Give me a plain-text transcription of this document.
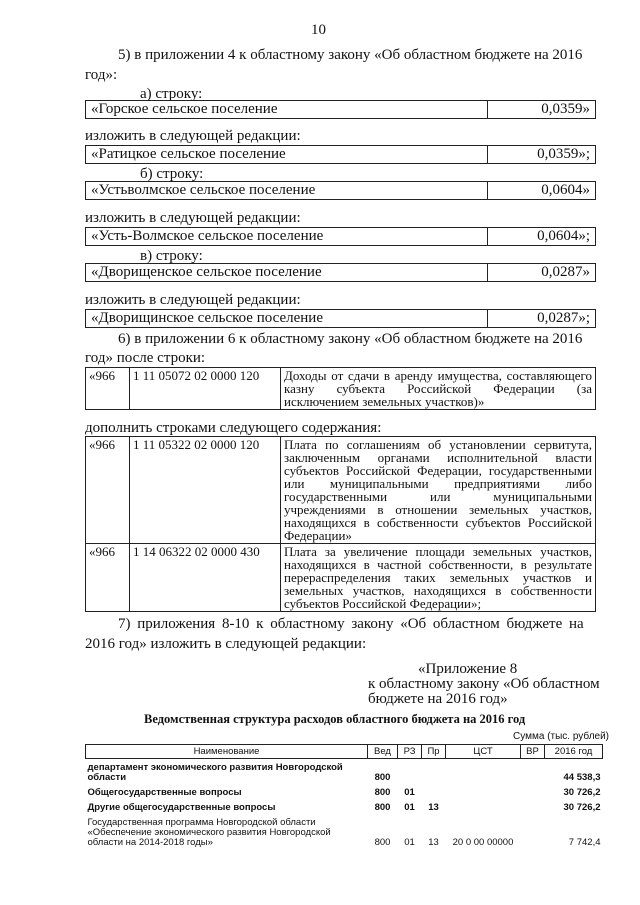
10
5) в приложении 4 к областному закону «Об областном бюджете на 2016
год»:
а) строку:
«Горское сельское поселение	0,0359»
изложить в следующей редакции:
«Ратицкое сельское поселение	0,0359»;
б) строку:
«Устьволмское сельское поселение	0,0604»
изложить в следующей редакции:
«Усть-Волмское сельское поселение	0,0604»;
в) строку:
«Дворищенское сельское поселение	0,0287»
изложить в следующей редакции:
«Дворищинское сельское поселение	0,0287»;
6) в приложении 6 к областному закону «Об областном бюджете на 2016
год» после строки:
«966	1 11 05072 02 0000 120	Доходы от сдачи в аренду имущества, составляющего казну субъекта Российской Федерации (за исключением земельных участков)»
дополнить строками следующего содержания:
«966	1 11 05322 02 0000 120	Плата по соглашениям об установлении сервитута, заключенным органами исполнительной власти субъектов Российской Федерации, государственными или муниципальными предприятиями либо государственными или муниципальными учреждениями в отношении земельных участков, находящихся в собственности субъектов Российской Федерации»
«966	1 14 06322 02 0000 430	Плата за увеличение площади земельных участков, находящихся в частной собственности, в результате перераспределения таких земельных участков и земельных участков, находящихся в собственности субъектов Российской Федерации»;
7) приложения 8-10 к областному закону «Об областном бюджете на
2016 год» изложить в следующей редакции:
«Приложение 8
к областному закону «Об областном
бюджете на 2016 год»
Ведомственная структура расходов областного бюджета на 2016 год
Сумма (тыс. рублей)
Наименование	Вед	РЗ	Пр	ЦСТ	ВР	2016 год
департамент экономического развития Новгородской области	800					44 538,3
Общегосударственные вопросы	800	01				30 726,2
Другие общегосударственные вопросы	800	01	13			30 726,2
Государственная программа Новгородской области «Обеспечение экономического развития Новгородской области на 2014-2018 годы»	800	01	13	20 0 00 00000		7 742,4
